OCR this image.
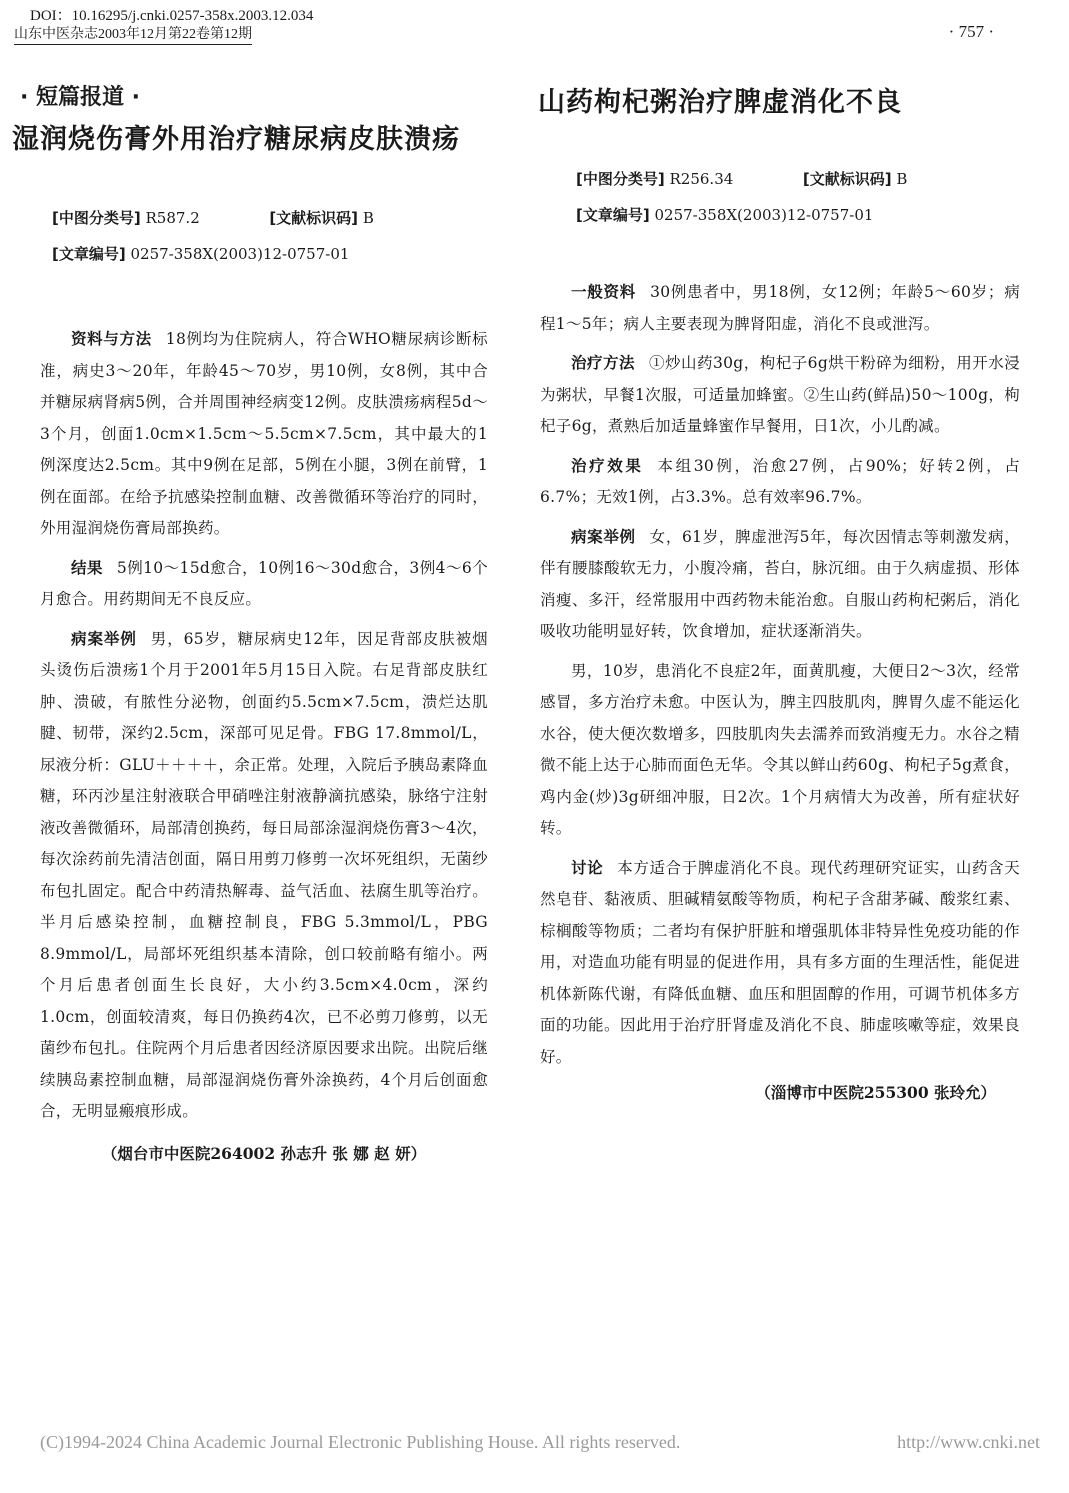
DOI：10.16295/j.cnki.0257-358x.2003.12.034
山东中医杂志2003年12月第22卷第12期	· 757 ·
· 短篇报道 ·
湿润烧伤膏外用治疗糖尿病皮肤溃疡
[中图分类号] R587.2	[文献标识码] B
[文章编号] 0257-358X(2003)12-0757-01

资料与方法 18例均为住院病人，符合WHO糖尿病诊断标准，病史3～20年，年龄45～70岁，男10例，女8例，其中合并糖尿病肾病5例，合并周围神经病变12例。皮肤溃疡病程5d～3个月，创面1.0cm×1.5cm～5.5cm×7.5cm，其中最大的1例深度达2.5cm。其中9例在足部，5例在小腿，3例在前臂，1例在面部。在给予抗感染控制血糖、改善微循环等治疗的同时，外用湿润烧伤膏局部换药。

结果 5例10～15d愈合，10例16～30d愈合，3例4～6个月愈合。用药期间无不良反应。

病案举例 男，65岁，糖尿病史12年，因足背部皮肤被烟头烫伤后溃疡1个月于2001年5月15日入院。右足背部皮肤红肿、溃破，有脓性分泌物，创面约5.5cm×7.5cm，溃烂达肌腱、韧带，深约2.5cm，深部可见足骨。FBG 17.8mmol/L，尿液分析：GLU＋＋＋＋，余正常。处理，入院后予胰岛素降血糖，环丙沙星注射液联合甲硝唑注射液静滴抗感染，脉络宁注射液改善微循环，局部清创换药，每日局部涂湿润烧伤膏3～4次，每次涂药前先清洁创面，隔日用剪刀修剪一次坏死组织，无菌纱布包扎固定。配合中药清热解毒、益气活血、祛腐生肌等治疗。半月后感染控制，血糖控制良，FBG 5.3mmol/L，PBG 8.9mmol/L，局部坏死组织基本清除，创口较前略有缩小。两个月后患者创面生长良好，大小约3.5cm×4.0cm，深约1.0cm，创面较清爽，每日仍换药4次，已不必剪刀修剪，以无菌纱布包扎。住院两个月后患者因经济原因要求出院。出院后继续胰岛素控制血糖，局部湿润烧伤膏外涂换药，4个月后创面愈合，无明显瘢痕形成。

（烟台市中医院264002 孙志升 张 娜 赵 妍）
山药枸杞粥治疗脾虚消化不良
[中图分类号] R256.34	[文献标识码] B
[文章编号] 0257-358X(2003)12-0757-01

一般资料 30例患者中，男18例，女12例；年龄5～60岁；病程1～5年；病人主要表现为脾肾阳虚，消化不良或泄泻。

治疗方法 ①炒山药30g，枸杞子6g烘干粉碎为细粉，用开水浸为粥状，早餐1次服，可适量加蜂蜜。②生山药(鲜品)50～100g，枸杞子6g，煮熟后加适量蜂蜜作早餐用，日1次，小儿酌减。

治疗效果 本组30例，治愈27例，占90%；好转2例，占6.7%；无效1例，占3.3%。总有效率96.7%。

病案举例 女，61岁，脾虚泄泻5年，每次因情志等刺激发病，伴有腰膝酸软无力，小腹冷痛，苔白，脉沉细。由于久病虚损、形体消瘦、多汗，经常服用中西药物未能治愈。自服山药枸杞粥后，消化吸收功能明显好转，饮食增加，症状逐渐消失。

男，10岁，患消化不良症2年，面黄肌瘦，大便日2～3次，经常感冒，多方治疗未愈。中医认为，脾主四肢肌肉，脾胃久虚不能运化水谷，使大便次数增多，四肢肌肉失去濡养而致消瘦无力。水谷之精微不能上达于心肺而面色无华。令其以鲜山药60g、枸杞子5g煮食，鸡内金(炒)3g研细冲服，日2次。1个月病情大为改善，所有症状好转。

讨论 本方适合于脾虚消化不良。现代药理研究证实，山药含天然皂苷、黏液质、胆碱精氨酸等物质，枸杞子含甜茅碱、酸浆红素、棕榈酸等物质；二者均有保护肝脏和增强肌体非特异性免疫功能的作用，对造血功能有明显的促进作用，具有多方面的生理活性，能促进机体新陈代谢，有降低血糖、血压和胆固醇的作用，可调节机体多方面的功能。因此用于治疗肝肾虚及消化不良、肺虚咳嗽等症，效果良好。

（淄博市中医院255300 张玲允）
(C)1994-2024 China Academic Journal Electronic Publishing House. All rights reserved.	http://www.cnki.net
